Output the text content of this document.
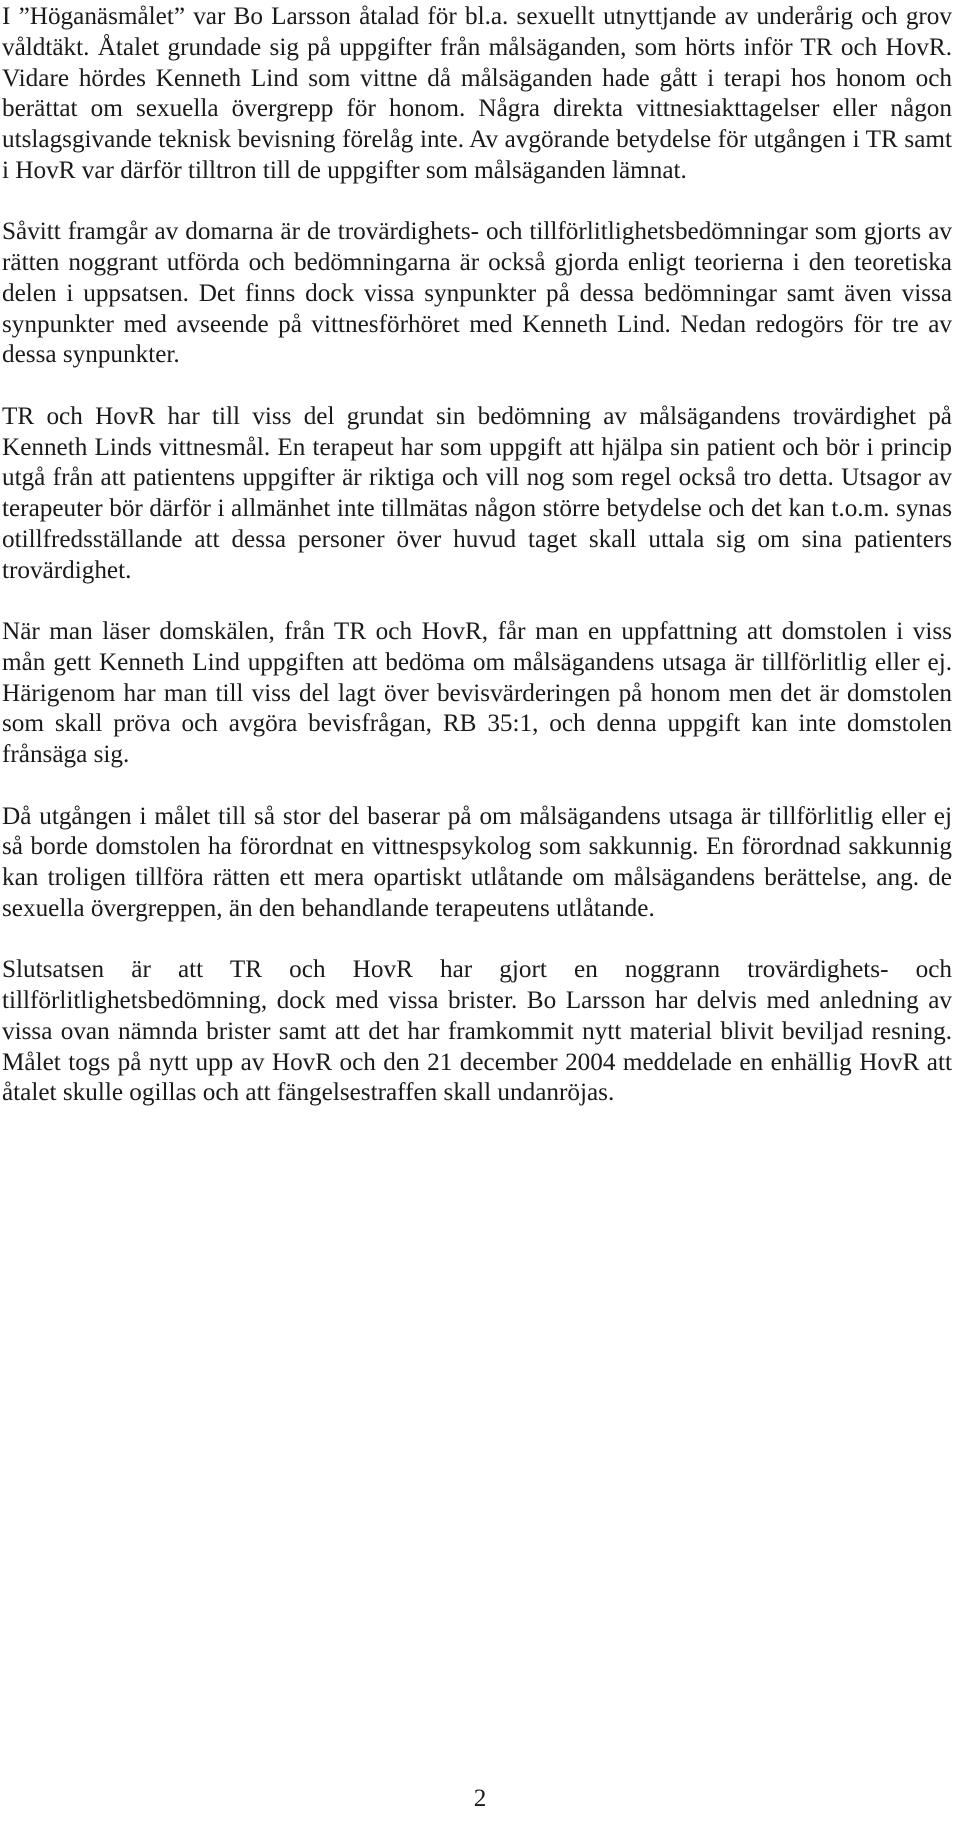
I ”Höganäsmålet” var Bo Larsson åtalad för bl.a. sexuellt utnyttjande av underårig och grov våldtäkt. Åtalet grundade sig på uppgifter från målsäganden, som hörts inför TR och HovR. Vidare hördes Kenneth Lind som vittne då målsäganden hade gått i terapi hos honom och berättat om sexuella övergrepp för honom. Några direkta vittnesiakttagelser eller någon utslagsgivande teknisk bevisning förelåg inte. Av avgörande betydelse för utgången i TR samt i HovR var därför tilltron till de uppgifter som målsäganden lämnat.

Såvitt framgår av domarna är de trovärdighets- och tillförlitlighetsbedömningar som gjorts av rätten noggrant utförda och bedömningarna är också gjorda enligt teorierna i den teoretiska delen i uppsatsen. Det finns dock vissa synpunkter på dessa bedömningar samt även vissa synpunkter med avseende på vittnesförhöret med Kenneth Lind. Nedan redogörs för tre av dessa synpunkter.

TR och HovR har till viss del grundat sin bedömning av målsägandens trovärdighet på Kenneth Linds vittnesmål. En terapeut har som uppgift att hjälpa sin patient och bör i princip utgå från att patientens uppgifter är riktiga och vill nog som regel också tro detta. Utsagor av terapeuter bör därför i allmänhet inte tillmätas någon större betydelse och det kan t.o.m. synas otillfredsställande att dessa personer över huvud taget skall uttala sig om sina patienters trovärdighet.

När man läser domskälen, från TR och HovR, får man en uppfattning att domstolen i viss mån gett Kenneth Lind uppgiften att bedöma om målsägandens utsaga är tillförlitlig eller ej. Härigenom har man till viss del lagt över bevisvärderingen på honom men det är domstolen som skall pröva och avgöra bevisfrågan, RB 35:1, och denna uppgift kan inte domstolen frånsäga sig.

Då utgången i målet till så stor del baserar på om målsägandens utsaga är tillförlitlig eller ej så borde domstolen ha förordnat en vittnespsykolog som sakkunnig. En förordnad sakkunnig kan troligen tillföra rätten ett mera opartiskt utlåtande om målsägandens berättelse, ang. de sexuella övergreppen, än den behandlande terapeutens utlåtande.

Slutsatsen är att TR och HovR har gjort en noggrann trovärdighets- och tillförlitlighetsbedömning, dock med vissa brister. Bo Larsson har delvis med anledning av vissa ovan nämnda brister samt att det har framkommit nytt material blivit beviljad resning. Målet togs på nytt upp av HovR och den 21 december 2004 meddelade en enhällig HovR att åtalet skulle ogillas och att fängelsestraffen skall undanröjas.

2
